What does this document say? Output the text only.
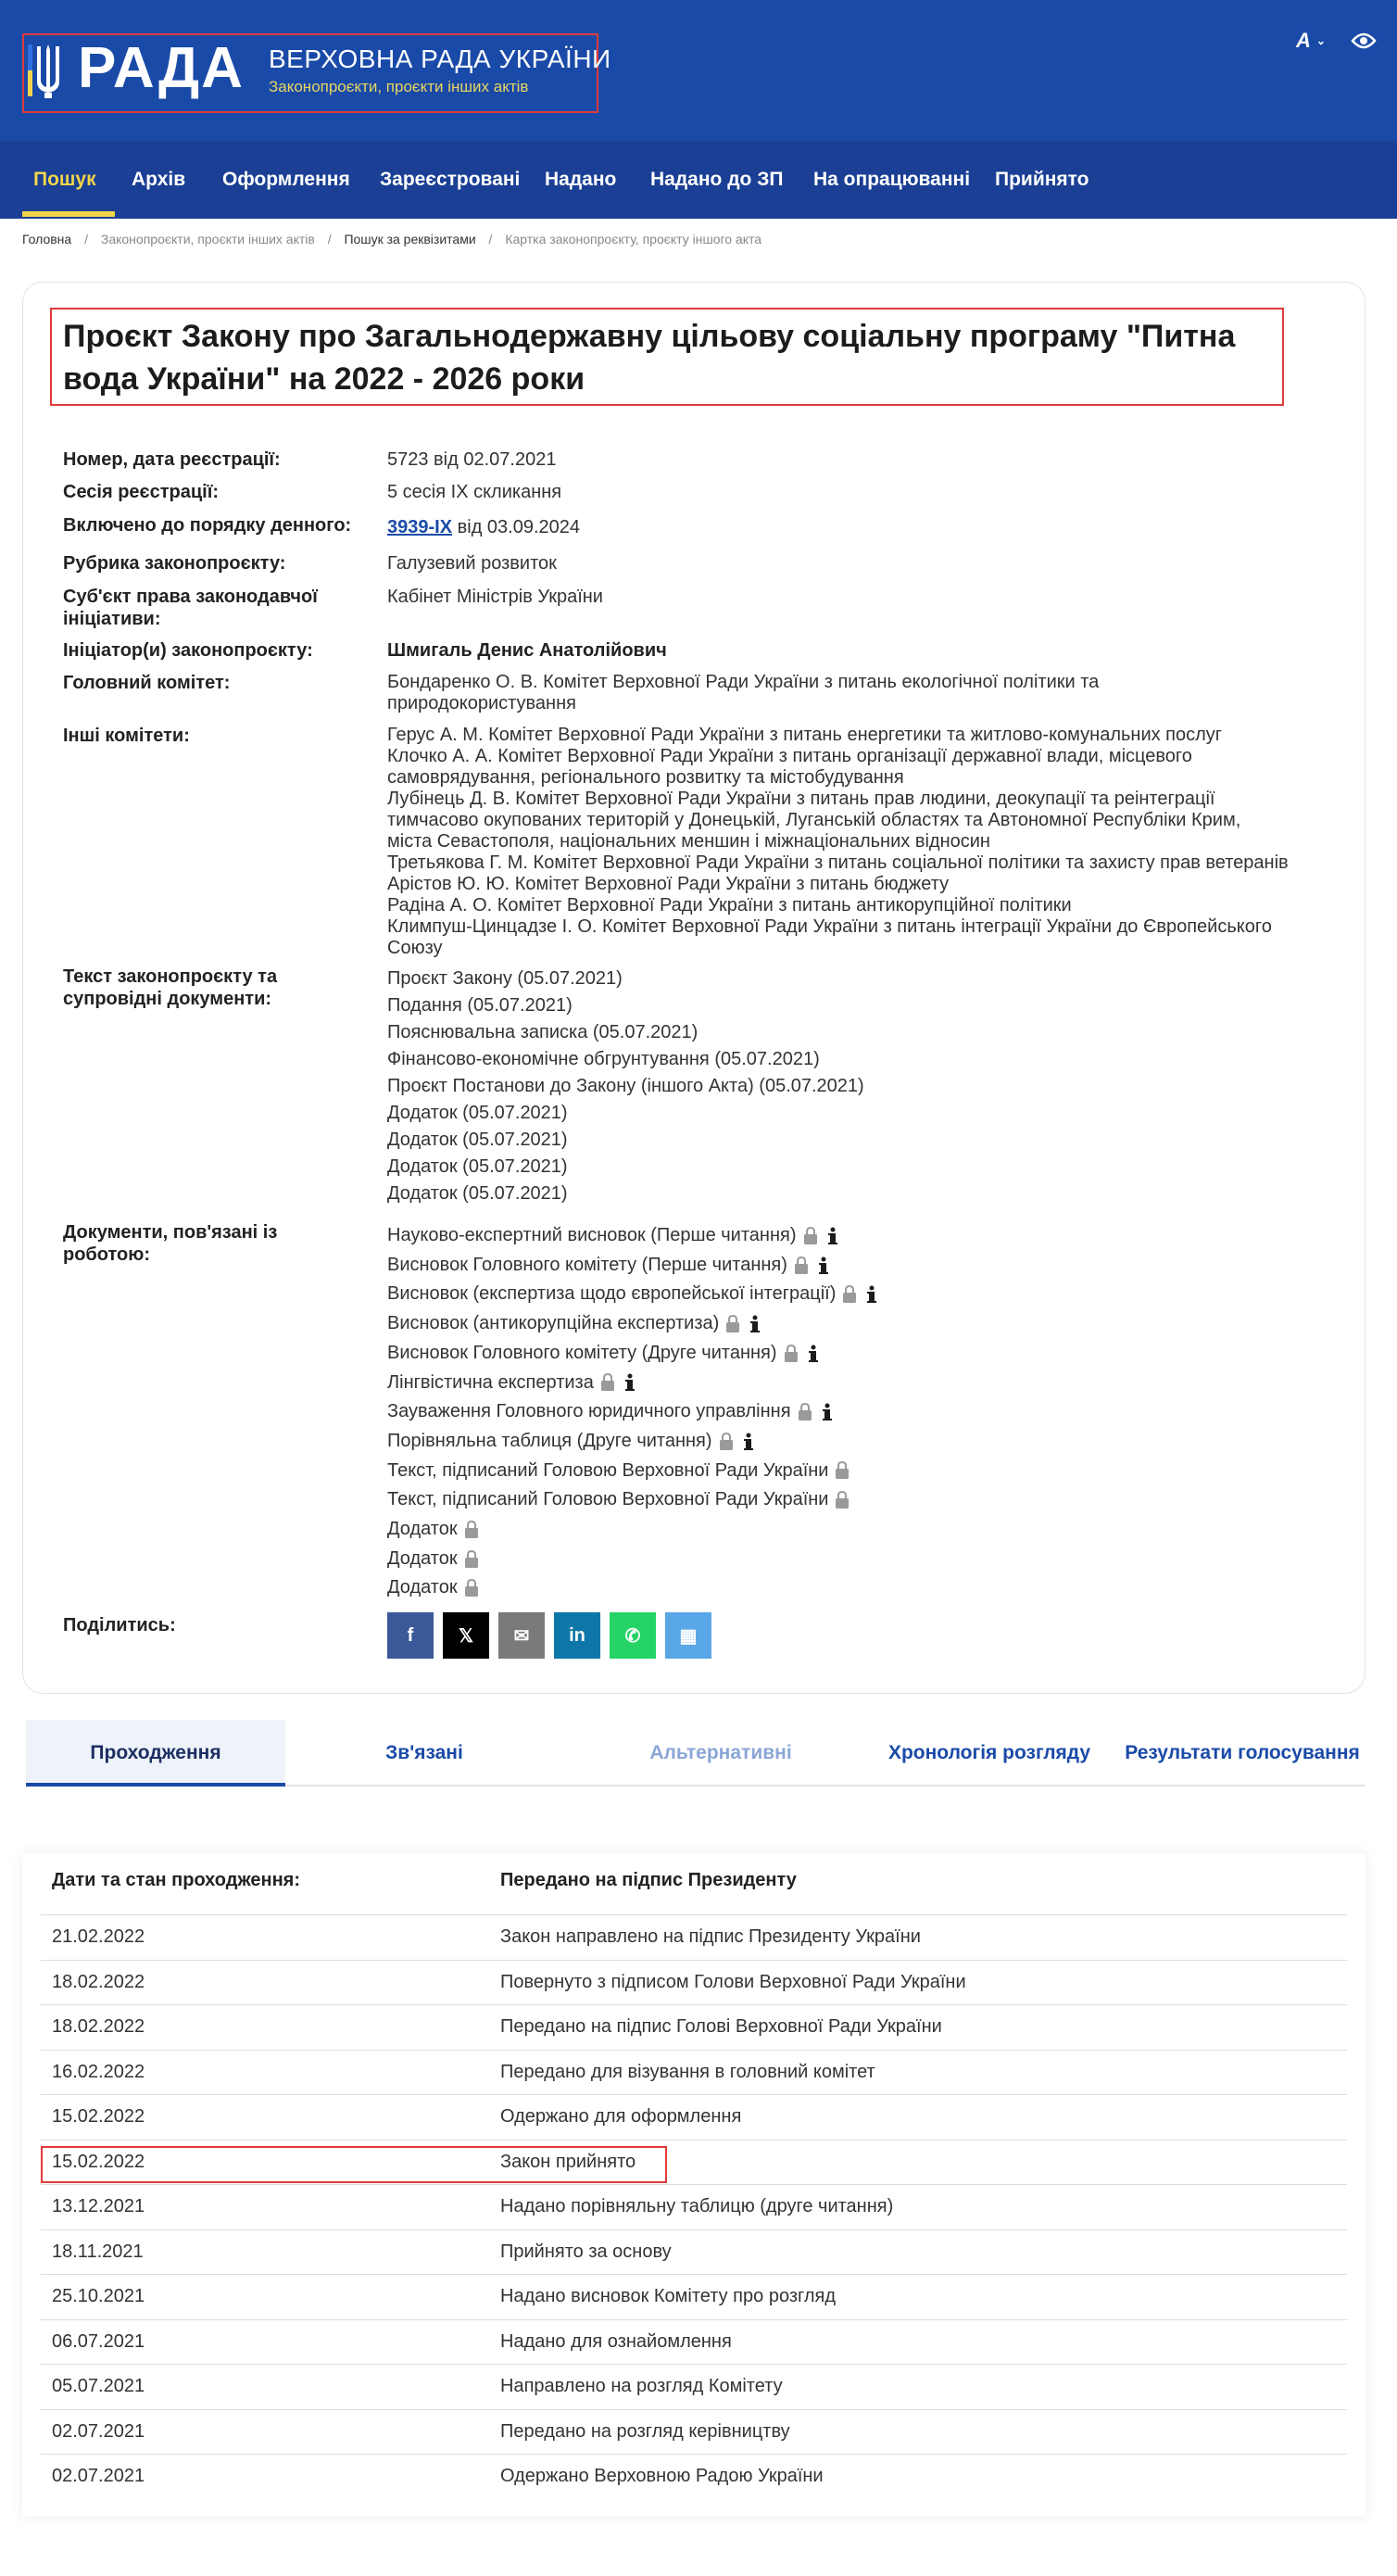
РАДА ВЕРХОВНА РАДА УКРАЇНИ
Законопроєкти, проєкти інших актів
A ⌄
Пошук Архів Оформлення Зареєстровані Надано Надано до ЗП На опрацюванні Прийнято
Головна / Законопроєкти, проєкти інших актів / Пошук за реквізитами / Картка законопроєкту, проєкту іншого акта
Проєкт Закону про Загальнодержавну цільову соціальну програму "Питна вода України" на 2022 - 2026 роки
Номер, дата реєстрації:	5723 від 02.07.2021
Сесія реєстрації:	5 сесія IX скликання
Включено до порядку денного:	3939-IX від 03.09.2024
Рубрика законопроєкту:	Галузевий розвиток
Суб'єкт права законодавчої ініціативи:
Кабінет Міністрів України
Ініціатор(и) законопроєкту:	Шмигаль Денис Анатолійович
Головний комітет:	Бондаренко О. В. Комітет Верховної Ради України з питань екологічної політики та природокористування
Інші комітети:	Герус А. М. Комітет Верховної Ради України з питань енергетики та житлово-комунальних послуг
Клочко А. А. Комітет Верховної Ради України з питань організації державної влади, місцевого
самоврядування, регіонального розвитку та містобудування
Лубінець Д. В. Комітет Верховної Ради України з питань прав людини, деокупації та реінтеграції
тимчасово окупованих територій у Донецькій, Луганській областях та Автономної Республіки Крим,
міста Севастополя, національних меншин і міжнаціональних відносин
Третьякова Г. М. Комітет Верховної Ради України з питань соціальної політики та захисту прав ветеранів
Арістов Ю. Ю. Комітет Верховної Ради України з питань бюджету
Радіна А. О. Комітет Верховної Ради України з питань антикорупційної політики
Климпуш-Цинцадзе І. О. Комітет Верховної Ради України з питань інтеграції України до Європейського
Союзу
Текст законопроєкту та супровідні документи:
Проєкт Закону (05.07.2021)
Подання (05.07.2021)
Пояснювальна записка (05.07.2021)
Фінансово-економічне обгрунтування (05.07.2021)
Проєкт Постанови до Закону (іншого Акта) (05.07.2021)
Додаток (05.07.2021)
Додаток (05.07.2021)
Додаток (05.07.2021)
Додаток (05.07.2021)
Документи, пов'язані із роботою:
Науково-експертний висновок (Перше читання)
Висновок Головного комітету (Перше читання)
Висновок (експертиза щодо європейської інтеграції)
Висновок (антикорупційна експертиза)
Висновок Головного комітету (Друге читання)
Лінгвістична експертиза
Зауваження Головного юридичного управління
Порівняльна таблиця (Друге читання)
Текст, підписаний Головою Верховної Ради України
Текст, підписаний Головою Верховної Ради України
Додаток
Додаток
Додаток
Поділитись:	f 𝕏 ✉ in ✆ ▦
Проходження	Зв'язані	Альтернативні	Хронологія розгляду	Результати голосування
Дати та стан проходження:	Передано на підпис Президенту
21.02.2022	Закон направлено на підпис Президенту України
18.02.2022	Повернуто з підписом Голови Верховної Ради України
18.02.2022	Передано на підпис Голові Верховної Ради України
16.02.2022	Передано для візування в головний комітет
15.02.2022	Одержано для оформлення
15.02.2022	Закон прийнято
13.12.2021	Надано порівняльну таблицю (друге читання)
18.11.2021	Прийнято за основу
25.10.2021	Надано висновок Комітету про розгляд
06.07.2021	Надано для ознайомлення
05.07.2021	Направлено на розгляд Комітету
02.07.2021	Передано на розгляд керівництву
02.07.2021	Одержано Верховною Радою України
